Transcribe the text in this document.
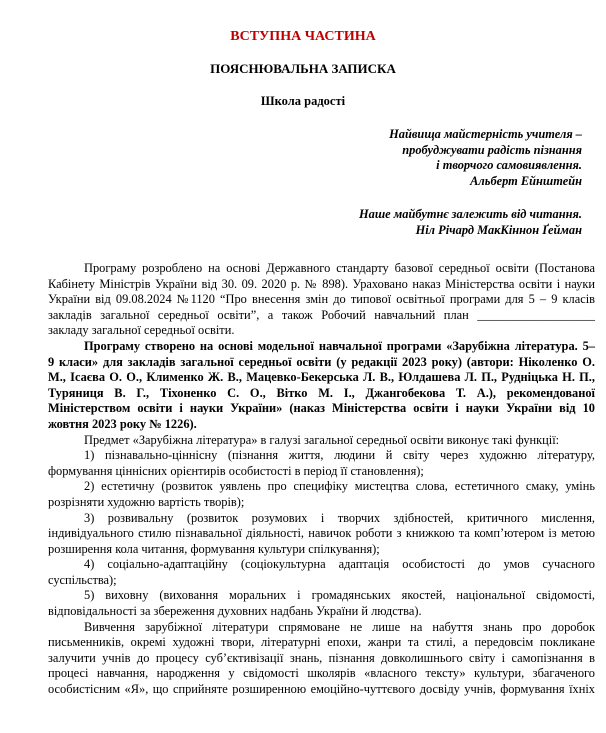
ВСТУПНА ЧАСТИНА
ПОЯСНЮВАЛЬНА ЗАПИСКА
Школа радості
Найвища майстерність учителя –
пробуджувати радість пізнання
і творчого самовиявлення.
Альберт Ейнштейн
Наше майбутнє залежить від читання.
Ніл Річард МакКіннон Ґейман
Програму розроблено на основі Державного стандарту базової середньої освіти (Постанова
Кабінету Міністрів України від 30. 09. 2020 р. № 898). Ураховано наказ Міністерства освіти і науки
України від 09.08.2024 №1120 “Про внесення змін до типової освітньої програми для 5 – 9 класів
закладів загальної середньої освіти”, а також Робочий навчальний план ___________________
закладу загальної середньої освіти.
Програму створено на основі модельної навчальної програми «Зарубіжна література. 5–
9 класи» для закладів загальної середньої освіти (у редакції 2023 року) (автори: Ніколенко О.
М., Ісаєва О. О., Клименко Ж. В., Мацевко-Бекерська Л. В., Юлдашева Л. П., Рудніцька Н. П.,
Туряниця В. Г., Тіхоненко С. О., Вітко М. І., Джангобекова Т. А.), рекомендованої
Міністерством освіти і науки України» (наказ Міністерства освіти і науки України від 10
жовтня 2023 року № 1226).
Предмет «Зарубіжна література» в галузі загальної середньої освіти виконує такі функції:
1) пізнавально-ціннісну (пізнання життя, людини й світу через художню літературу,
формування ціннісних орієнтирів особистості в період її становлення);
2) естетичну (розвиток уявлень про специфіку мистецтва слова, естетичного смаку, умінь
розрізняти художню вартість творів);
3) розвивальну (розвиток розумових і творчих здібностей, критичного мислення,
індивідуального стилю пізнавальної діяльності, навичок роботи з книжкою та комп’ютером із метою
розширення кола читання, формування культури спілкування);
4) соціально-адаптаційну (соціокультурна адаптація особистості до умов сучасного
суспільства);
5) виховну (виховання моральних і громадянських якостей, національної свідомості,
відповідальності за збереження духовних надбань України й людства).
Вивчення зарубіжної літератури спрямоване не лише на набуття знань про доробок
письменників, окремі художні твори, літературні епохи, жанри та стилі, а передовсім покликане
залучити учнів до процесу суб’єктивізації знань, пізнання довколишнього світу і самопізнання в
процесі навчання, народження у свідомості школярів «власного тексту» культури, збагаченого
особистісним «Я», що сприйняте розширенною емоційно-чуттєвого досвіду учнів, формування їхніх
